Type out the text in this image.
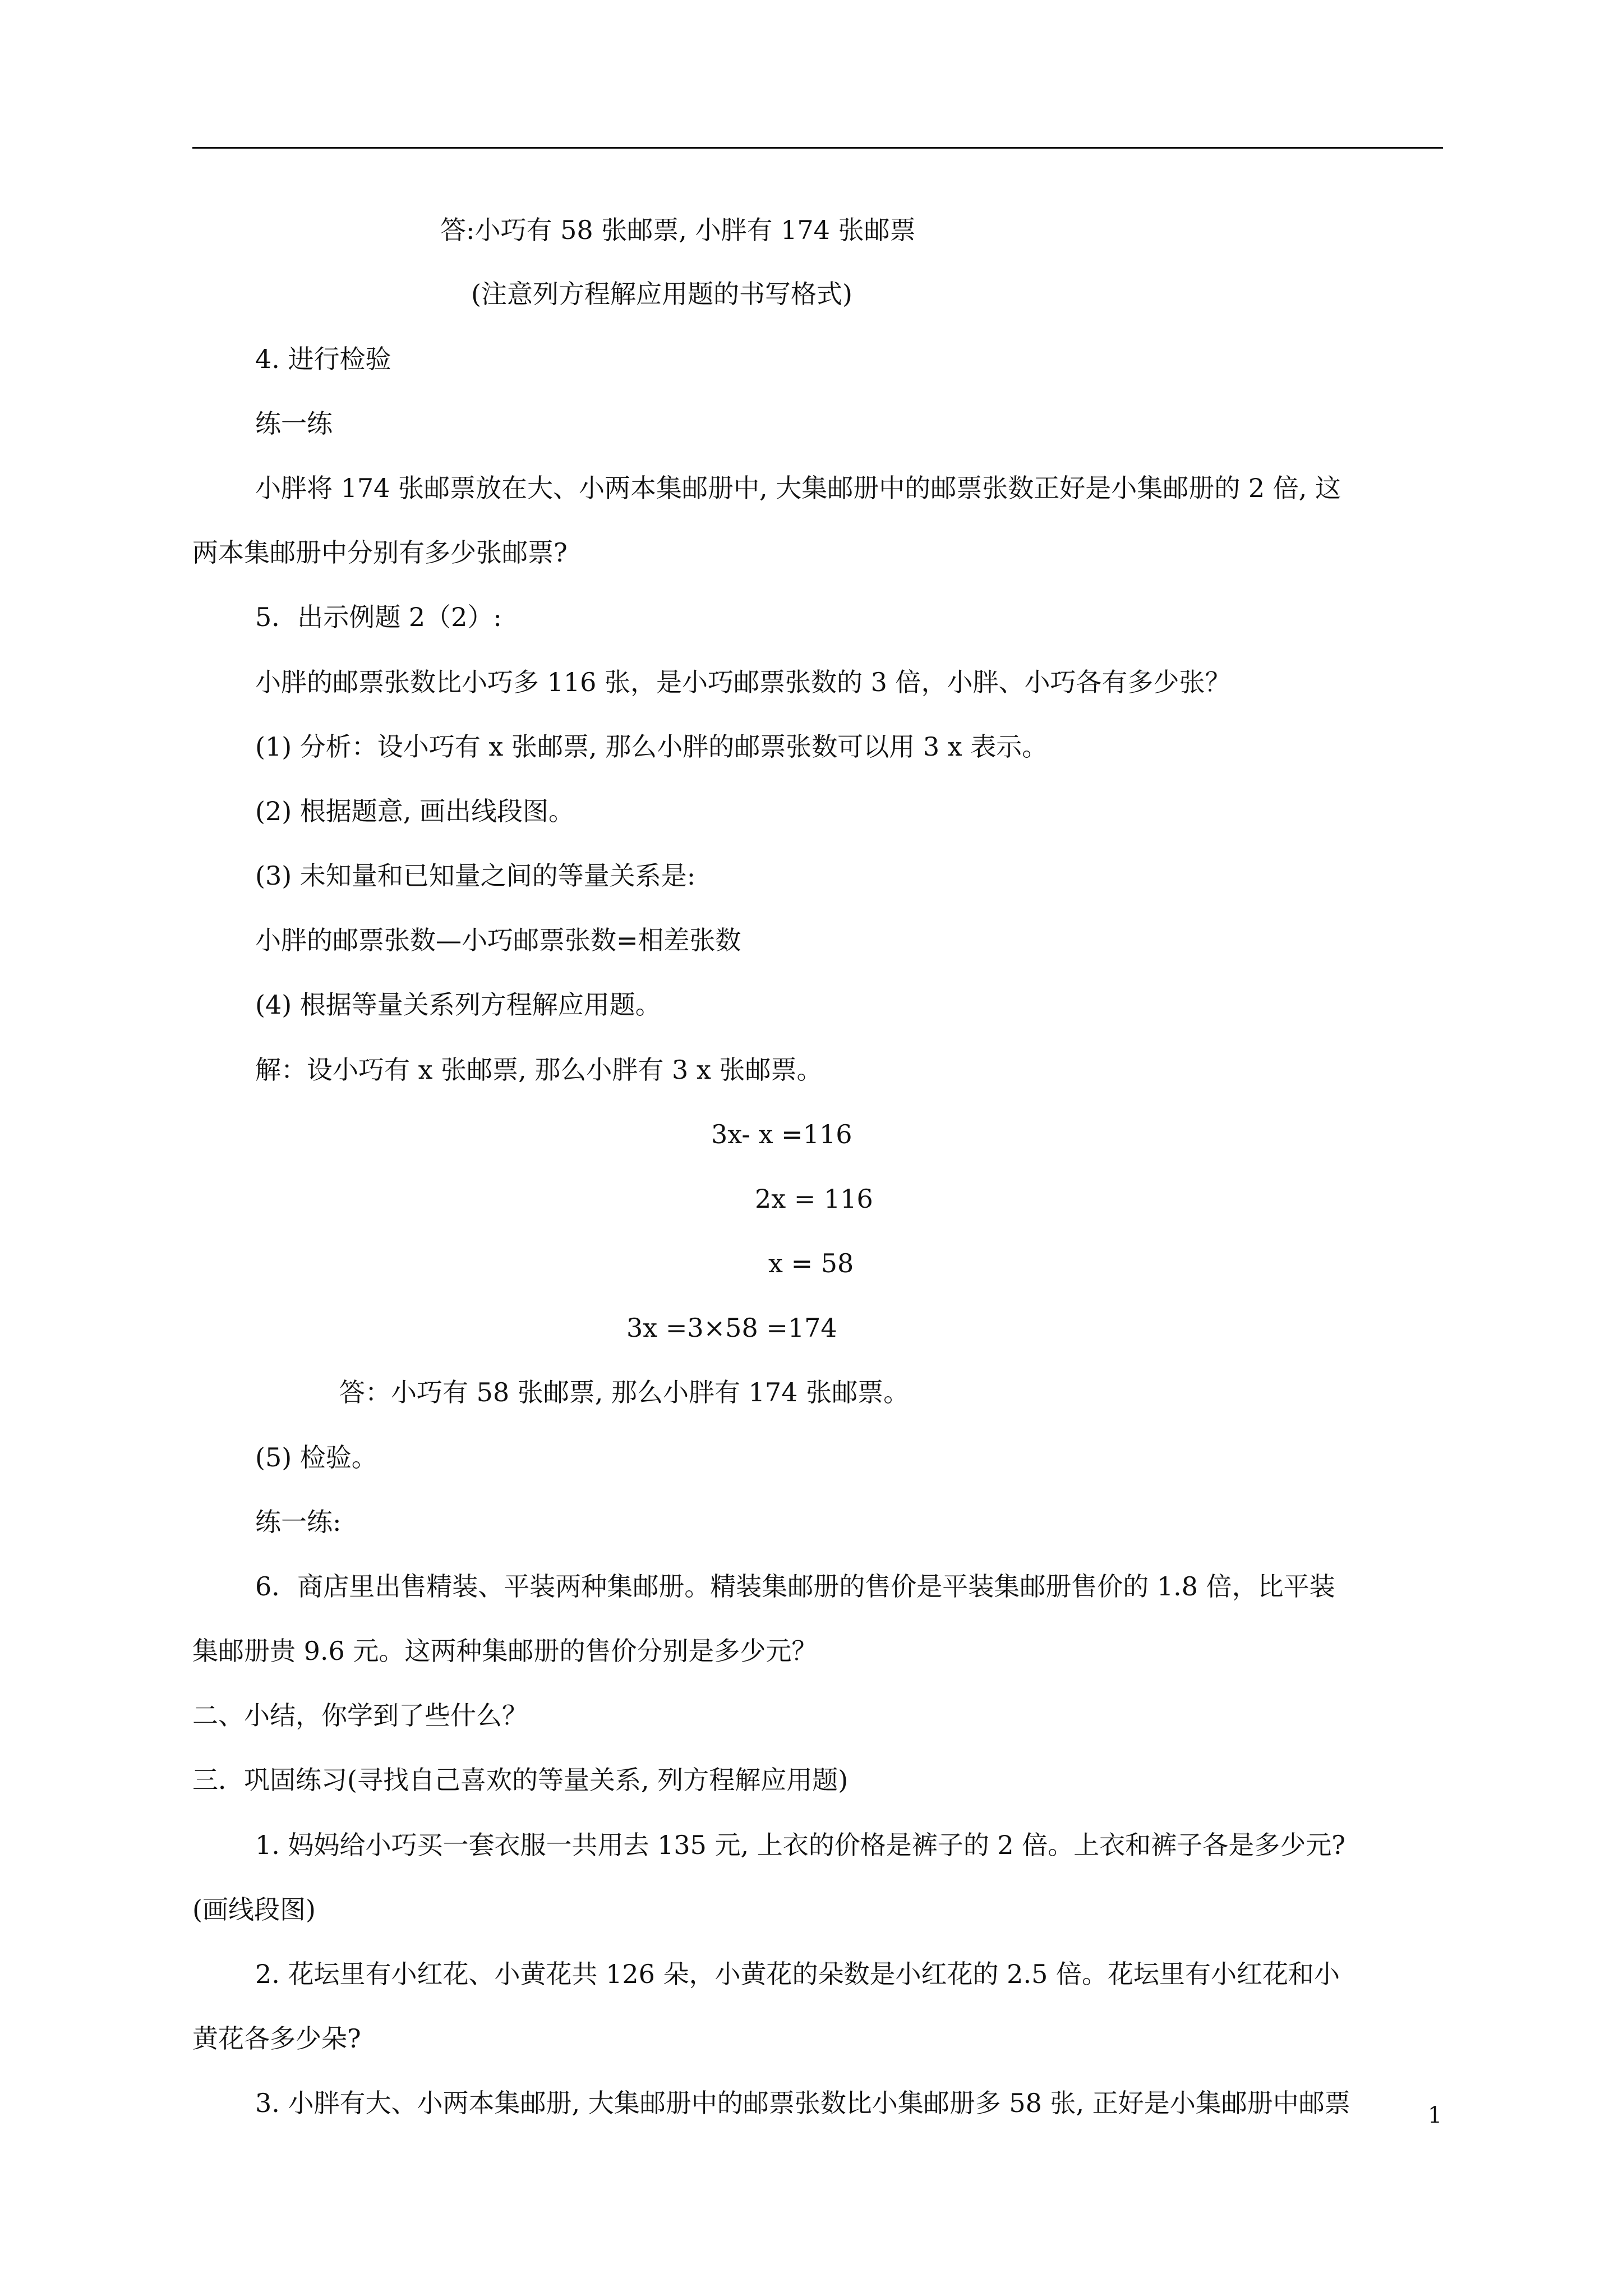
答:小巧有 58 张邮票, 小胖有 174 张邮票
(注意列方程解应用题的书写格式)
4. 进行检验
练一练
小胖将 174 张邮票放在大、小两本集邮册中, 大集邮册中的邮票张数正好是小集邮册的 2 倍, 这
两本集邮册中分别有多少张邮票?
5．出示例题 2（2）:
小胖的邮票张数比小巧多 116 张，是小巧邮票张数的 3 倍，小胖、小巧各有多少张？
(1) 分析：设小巧有 x 张邮票, 那么小胖的邮票张数可以用 3 x 表示。
(2) 根据题意, 画出线段图。
(3) 未知量和已知量之间的等量关系是:
小胖的邮票张数—小巧邮票张数=相差张数
(4) 根据等量关系列方程解应用题。
解：设小巧有 x 张邮票, 那么小胖有 3 x 张邮票。
3x- x =116
2x = 116
x = 58
3x =3×58 =174
答：小巧有 58 张邮票, 那么小胖有 174 张邮票。
(5) 检验。
练一练:
6．商店里出售精装、平装两种集邮册。精装集邮册的售价是平装集邮册售价的 1.8 倍，比平装
集邮册贵 9.6 元。这两种集邮册的售价分别是多少元？
二、小结，你学到了些什么？
三．巩固练习(寻找自己喜欢的等量关系, 列方程解应用题)
1. 妈妈给小巧买一套衣服一共用去 135 元, 上衣的价格是裤子的 2 倍。上衣和裤子各是多少元?
(画线段图)
2. 花坛里有小红花、小黄花共 126 朵，小黄花的朵数是小红花的 2.5 倍。花坛里有小红花和小
黄花各多少朵?
3. 小胖有大、小两本集邮册, 大集邮册中的邮票张数比小集邮册多 58 张, 正好是小集邮册中邮票	1
